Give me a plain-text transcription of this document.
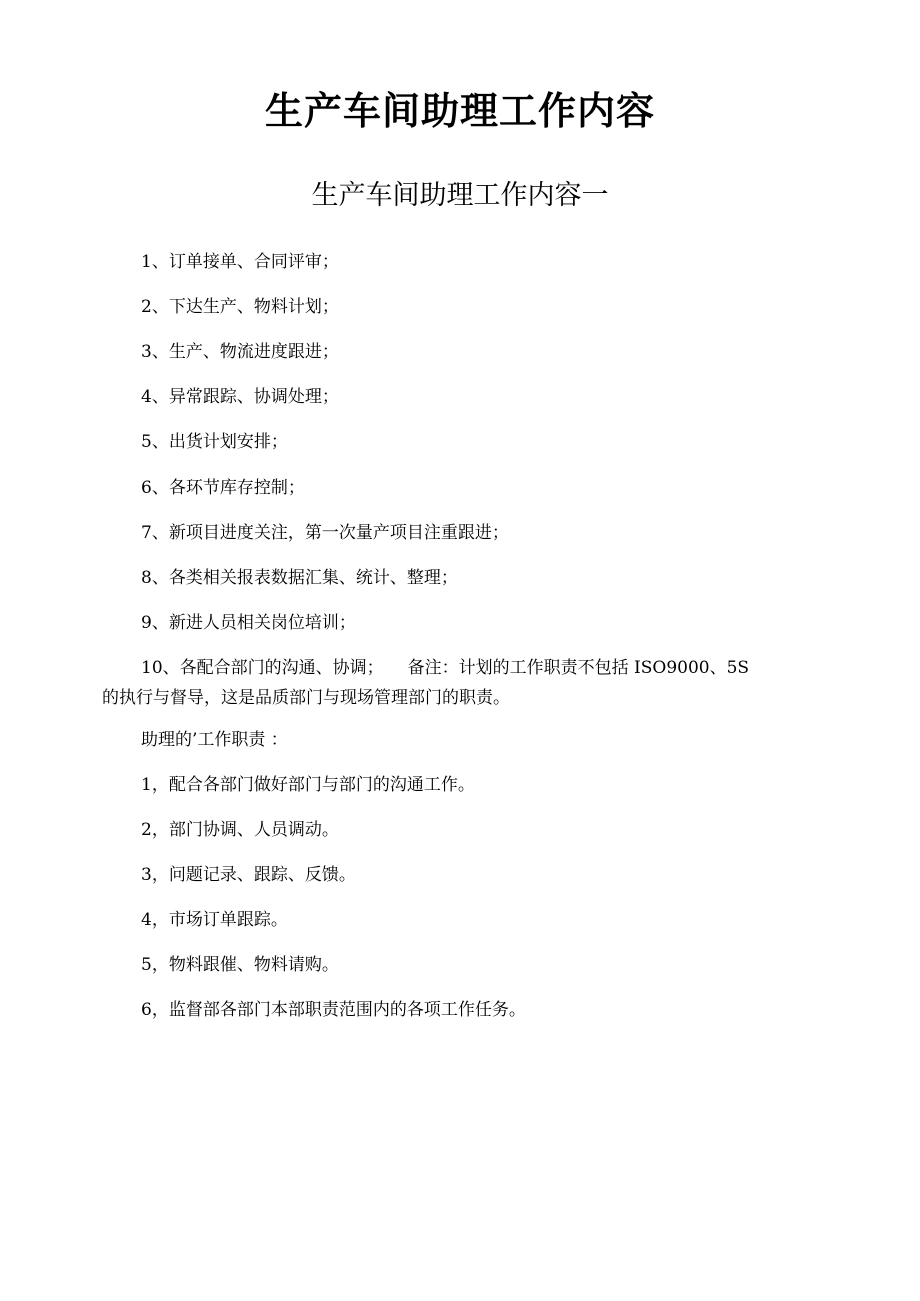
生产车间助理工作内容
生产车间助理工作内容一
1、订单接单、合同评审；
2、下达生产、物料计划；
3、生产、物流进度跟进；
4、异常跟踪、协调处理；
5、出货计划安排；
6、各环节库存控制；
7、新项目进度关注，第一次量产项目注重跟进；
8、各类相关报表数据汇集、统计、整理；
9、新进人员相关岗位培训；
10、各配合部门的沟通、协调； 备注：计划的工作职责不包括 ISO9000、5S
的执行与督导，这是品质部门与现场管理部门的职责。
助理的’工作职责 ：
1，配合各部门做好部门与部门的沟通工作。
2，部门协调、人员调动。
3，问题记录、跟踪、反馈。
4，市场订单跟踪。
5，物料跟催、物料请购。
6，监督部各部门本部职责范围内的各项工作任务。
